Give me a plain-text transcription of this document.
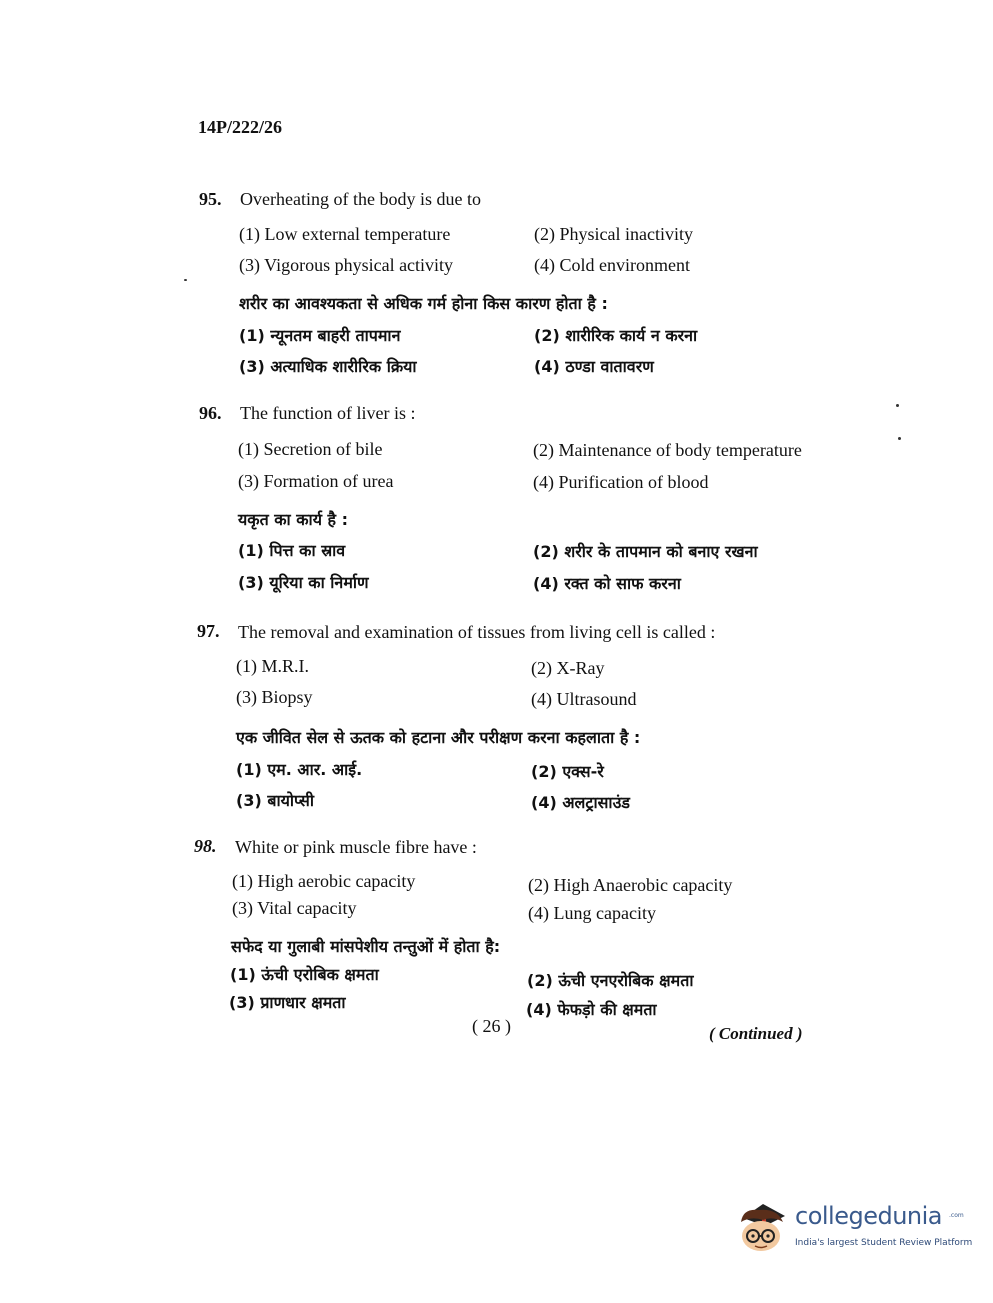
14P/222/26
95. Overheating of the body is due to
(1) Low external temperature	(2) Physical inactivity
(3) Vigorous physical activity	(4) Cold environment
शरीर का आवश्यकता से अधिक गर्म होना किस कारण होता है :
(1) न्यूनतम बाहरी तापमान	(2) शारीरिक कार्य न करना
(3) अत्याधिक शारीरिक क्रिया	(4) ठण्डा वातावरण
96. The function of liver is :
(1) Secretion of bile	(2) Maintenance of body temperature
(3) Formation of urea	(4) Purification of blood
यकृत का कार्य है :
(1) पित्त का स्राव	(2) शरीर के तापमान को बनाए रखना
(3) यूरिया का निर्माण	(4) रक्त को साफ करना
97. The removal and examination of tissues from living cell is called :
(1) M.R.I.	(2) X-Ray
(3) Biopsy	(4) Ultrasound
एक जीवित सेल से ऊतक को हटाना और परीक्षण करना कहलाता है :
(1) एम. आर. आई.	(2) एक्स-रे
(3) बायोप्सी	(4) अलट्रासाउंड
98. White or pink muscle fibre have :
(1) High aerobic capacity	(2) High Anaerobic capacity
(3) Vital capacity	(4) Lung capacity
सफेद या गुलाबी मांसपेशीय तन्तुओं में होता है:
(1) ऊंची एरोबिक क्षमता	(2) ऊंची एनएरोबिक क्षमता
(3) प्राणधार क्षमता	(4) फेफड़ो की क्षमता
( 26 )	( Continued )
collegedunia .com
India's largest Student Review Platform
